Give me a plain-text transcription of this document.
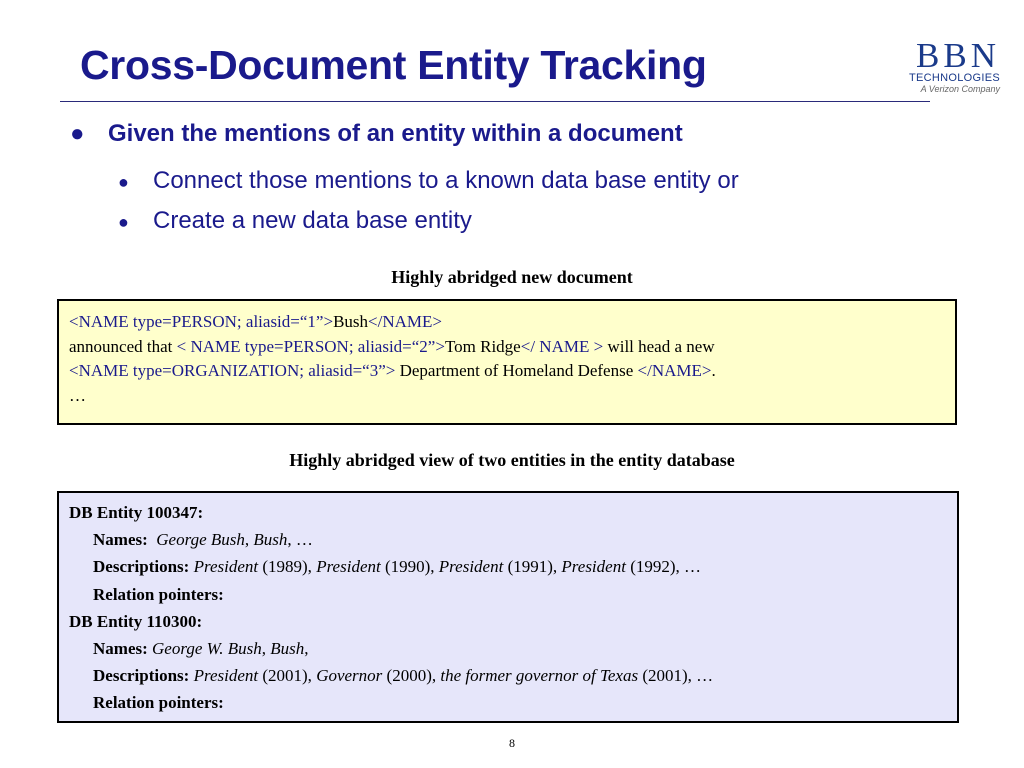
Cross-Document Entity Tracking	BBN
TECHNOLOGIES
A Verizon Company
● Given the mentions of an entity within a document
● Connect those mentions to a known data base entity or
● Create a new data base entity
Highly abridged new document
<NAME type=PERSON; aliasid=“1”>Bush</NAME>
announced that < NAME type=PERSON; aliasid=“2”>Tom Ridge</ NAME > will head a new
<NAME type=ORGANIZATION; aliasid=“3”> Department of Homeland Defense </NAME>.
…
Highly abridged view of two entities in the entity database
DB Entity 100347:
Names: George Bush, Bush, …
Descriptions: President (1989), President (1990), President (1991), President (1992), …
Relation pointers:
DB Entity 110300:
Names: George W. Bush, Bush,
Descriptions: President (2001), Governor (2000), the former governor of Texas (2001), …
Relation pointers:
8
